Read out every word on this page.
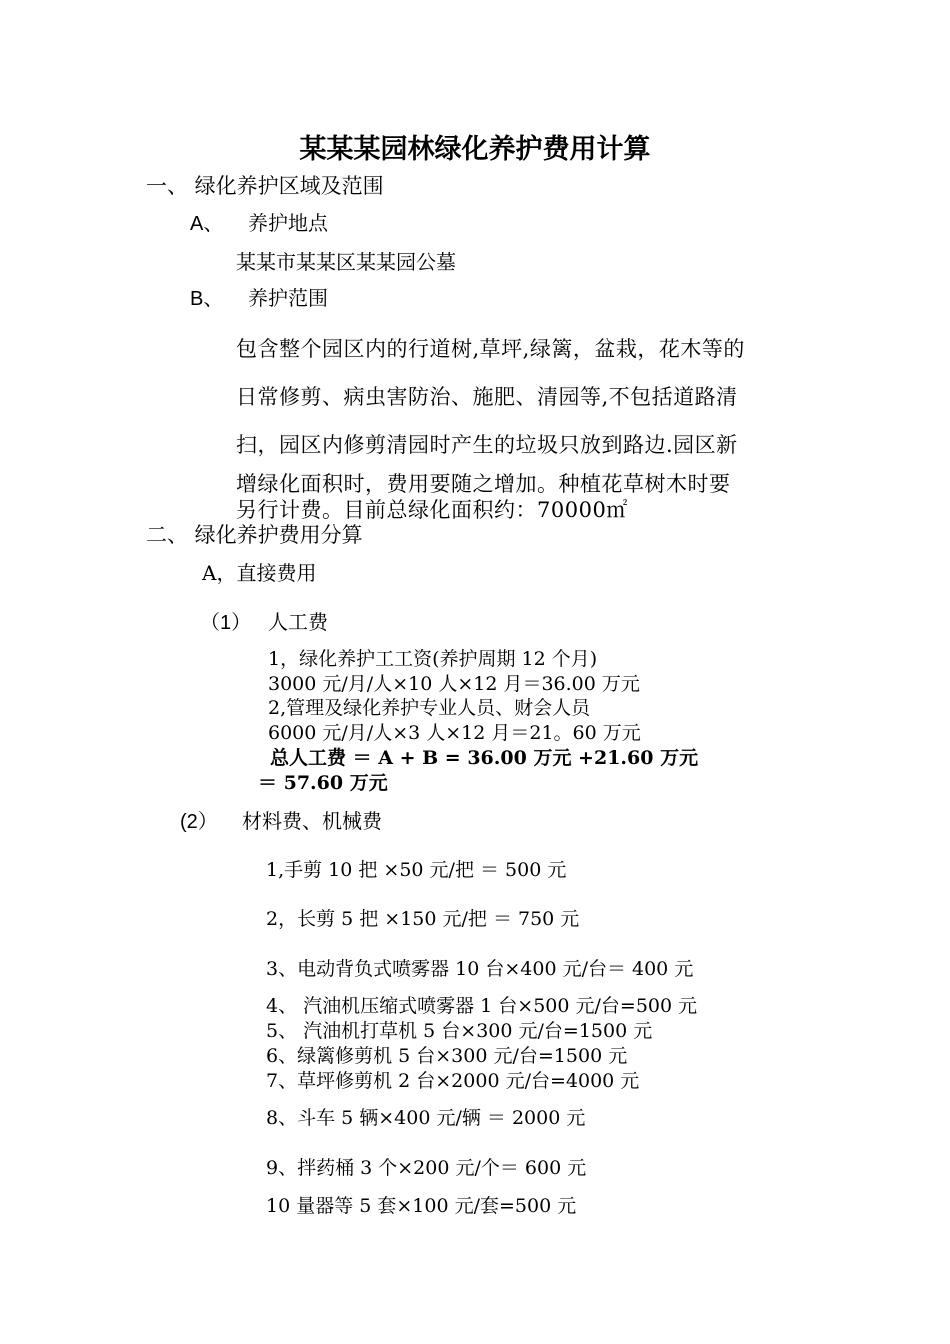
某某某园林绿化养护费用计算
一、 绿化养护区域及范围
A、 养护地点
某某市某某区某某园公墓
B、 养护范围
包含整个园区内的行道树,草坪,绿篱，盆栽，花木等的
日常修剪、病虫害防治、施肥、清园等,不包括道路清
扫，园区内修剪清园时产生的垃圾只放到路边.园区新
增绿化面积时，费用要随之增加。种植花草树木时要
另行计费。目前总绿化面积约：70000㎡
二、 绿化养护费用分算
A，直接费用
（1） 人工费
1，绿化养护工工资(养护周期 12 个月)
3000 元/月/人×10 人×12 月＝36.00 万元
2,管理及绿化养护专业人员、财会人员
6000 元/月/人×3 人×12 月＝21。60 万元
总人工费 ＝ A + B = 36.00 万元 +21.60 万元
＝ 57.60 万元
(2） 材料费、机械费
1,手剪 10 把 ×50 元/把 ＝ 500 元
2，长剪 5 把 ×150 元/把 ＝ 750 元
3、电动背负式喷雾器 10 台×400 元/台＝ 400 元
4、 汽油机压缩式喷雾器 1 台×500 元/台=500 元
5、 汽油机打草机 5 台×300 元/台=1500 元
6、绿篱修剪机 5 台×300 元/台=1500 元
7、草坪修剪机 2 台×2000 元/台=4000 元
8、斗车 5 辆×400 元/辆 ＝ 2000 元
9、拌药桶 3 个×200 元/个＝ 600 元
10 量器等 5 套×100 元/套=500 元
